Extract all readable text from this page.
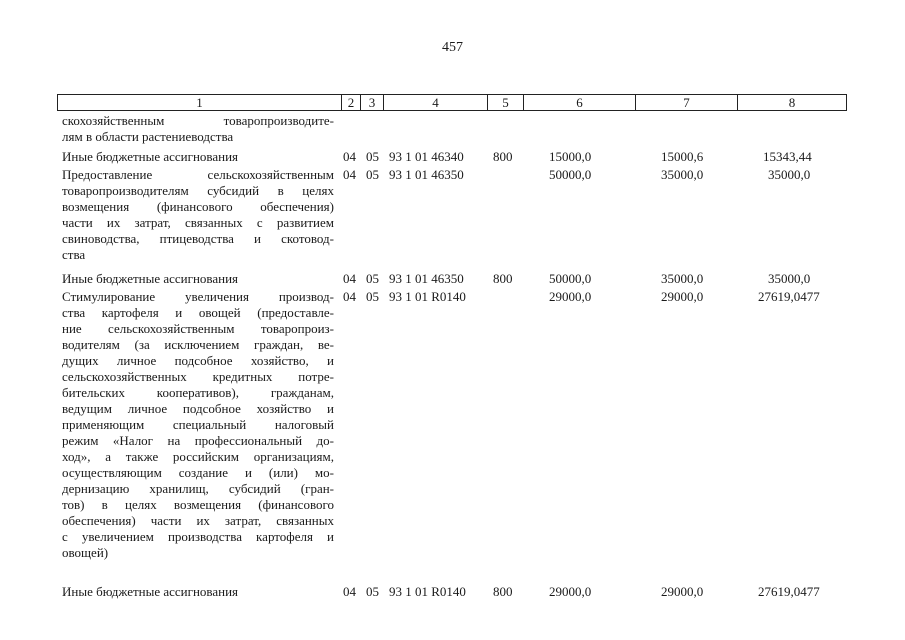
457
1	2	3	4	5	6	7	8
скохозяйственным товаропроизводите-
лям в области растениеводства
Иные бюджетные ассигнования	04 05 93 1 01 46340 800	15000,0	15000,6	15343,44
Предоставление сельскохозяйственным
товаропроизводителям субсидий в целях
возмещения (финансового обеспечения)
части их затрат, связанных с развитием
свиноводства, птицеводства и скотовод-
ства
04 05 93 1 01 46350	50000,0	35000,0	35000,0
Иные бюджетные ассигнования	04 05 93 1 01 46350 800	50000,0	35000,0	35000,0
Стимулирование увеличения производ-
ства картофеля и овощей (предоставле-
ние сельскохозяйственным товаропроиз-
водителям (за исключением граждан, ве-
дущих личное подсобное хозяйство, и
сельскохозяйственных кредитных потре-
бительских кооперативов), гражданам,
ведущим личное подсобное хозяйство и
применяющим специальный налоговый
режим «Налог на профессиональный до-
ход», а также российским организациям,
осуществляющим создание и (или) мо-
дернизацию хранилищ, субсидий (гран-
тов) в целях возмещения (финансового
обеспечения) части их затрат, связанных
с увеличением производства картофеля и
овощей)
04 05 93 1 01 R0140	29000,0	29000,0	27619,0477
Иные бюджетные ассигнования	04 05 93 1 01 R0140 800	29000,0	29000,0	27619,0477
